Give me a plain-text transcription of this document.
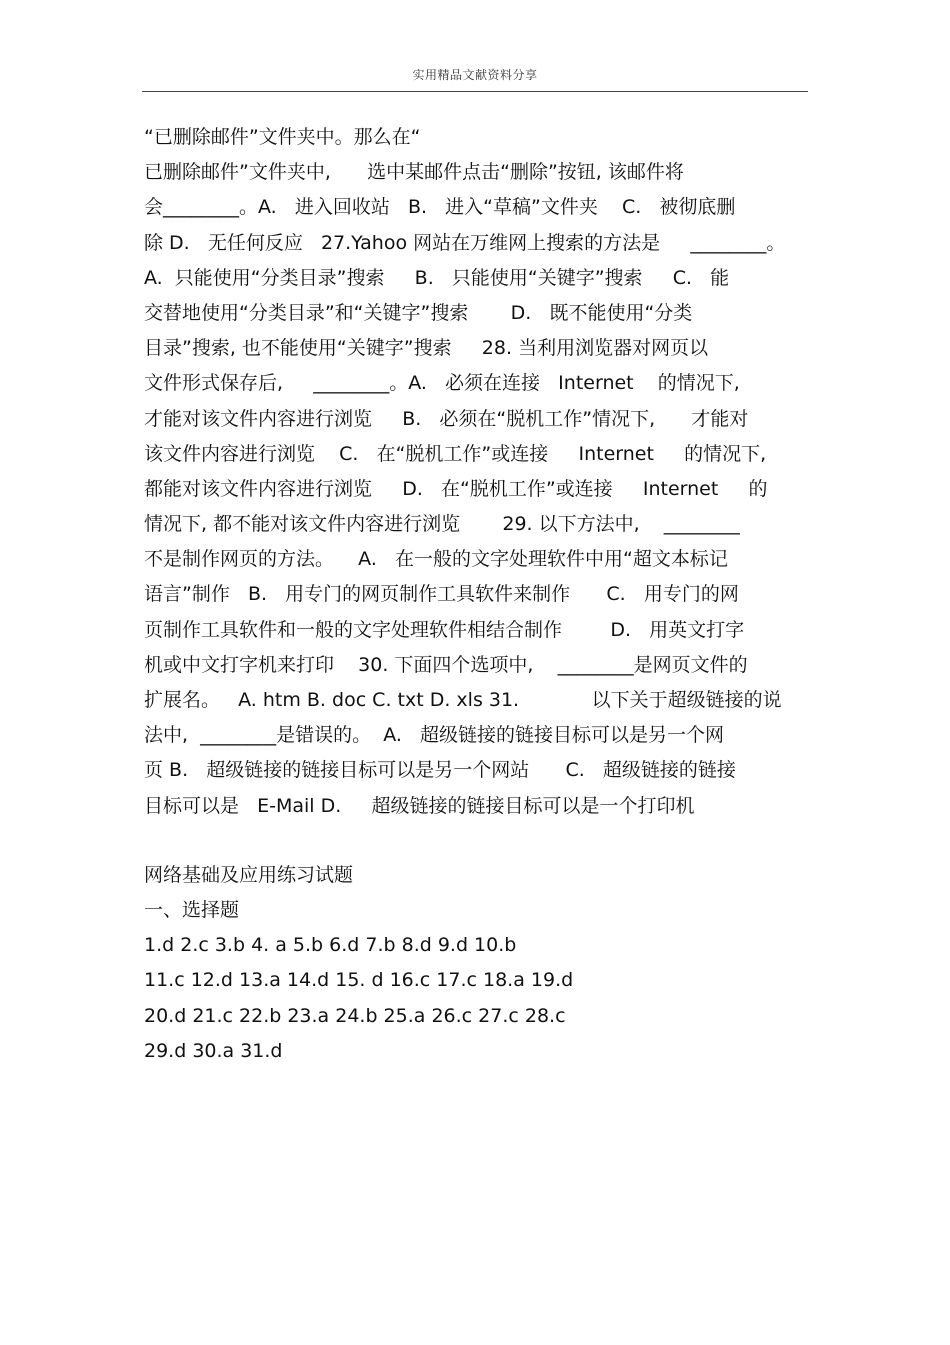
实用精品文献资料分享
“已删除邮件”文件夹中。那么在“
已删除邮件”文件夹中,      选中某邮件点击“删除”按钮, 该邮件将
会________。A.   进入回收站   B.   进入“草稿”文件夹    C.   被彻底删
除 D.   无任何反应   27.Yahoo 网站在万维网上搜索的方法是     ________。
A.  只能使用“分类目录”搜索     B.   只能使用“关键字”搜索     C.   能
交替地使用“分类目录”和“关键字”搜索       D.   既不能使用“分类
目录”搜索, 也不能使用“关键字”搜索     28. 当利用浏览器对网页以
文件形式保存后,     ________。A.   必须在连接   Internet    的情况下,
才能对该文件内容进行浏览     B.   必须在“脱机工作”情况下,      才能对
该文件内容进行浏览    C.   在“脱机工作”或连接     Internet     的情况下,
都能对该文件内容进行浏览     D.   在“脱机工作”或连接     Internet     的
情况下, 都不能对该文件内容进行浏览       29. 以下方法中,    ________
不是制作网页的方法。    A.   在一般的文字处理软件中用“超文本标记
语言”制作   B.   用专门的网页制作工具软件来制作      C.   用专门的网
页制作工具软件和一般的文字处理软件相结合制作        D.   用英文打字
机或中文打字机来打印    30. 下面四个选项中,    ________是网页文件的
扩展名。   A. htm B. doc C. txt D. xls 31.            以下关于超级链接的说
法中,  ________是错误的。  A.   超级链接的链接目标可以是另一个网
页 B.   超级链接的链接目标可以是另一个网站      C.   超级链接的链接
目标可以是   E-Mail D.     超级链接的链接目标可以是一个打印机
网络基础及应用练习试题
一、选择题
1.d 2.c 3.b 4. a 5.b 6.d 7.b 8.d 9.d 10.b
11.c 12.d 13.a 14.d 15. d 16.c 17.c 18.a 19.d
20.d 21.c 22.b 23.a 24.b 25.a 26.c 27.c 28.c
29.d 30.a 31.d
